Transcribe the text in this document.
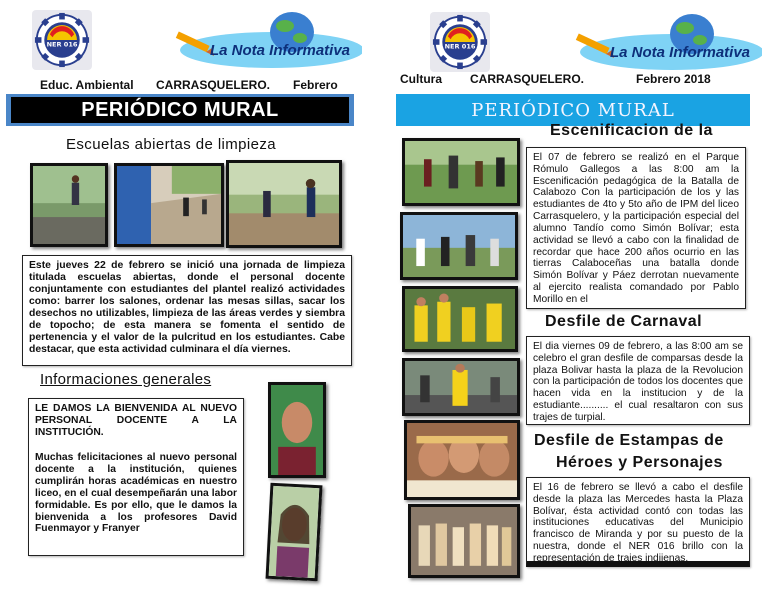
NER 016	La Nota Informativa
Educ. Ambiental CARRASQUELERO. Febrero
PERIÓDICO MURAL
Escuelas abiertas de limpieza
Este jueves 22 de febrero se inició una jornada de limpieza titulada escuelas abiertas, donde el personal docente conjuntamente con estudiantes del plantel realizó actividades como: barrer los salones, ordenar las mesas sillas, sacar los desechos no utilizables, limpieza de las áreas verdes y siembra de topocho; de esta manera se fomenta el sentido de pertenencia y el valor de la pulcritud en los estudiantes. Cabe destacar, que esta actividad culminara el día viernes.
Informaciones generales
LE DAMOS LA BIENVENIDA AL NUEVO PERSONAL DOCENTE A LA INSTITUCIÓN.
Muchas felicitaciones al nuevo personal docente a la institución, quienes cumplirán horas académicas en nuestro liceo, en el cual desempeñarán una labor formidable. Es por ello, que le damos la bienvenida a los profesores David Fuenmayor y Franyer
NER 016	La Nota Informativa
Cultura CARRASQUELERO.	Febrero 2018
PERIÓDICO MURAL
Escenificacion de la
El 07 de febrero se realizó en el Parque Rómulo Gallegos a las 8:00 am la Escenificación pedagógica de la Batalla de Calabozo Con la participación de los y las estudiantes de 4to y 5to año de IPM del liceo Carrasquelero, y la participación especial del alumno Tandío como Simón Bolívar; esta actividad se llevó a cabo con la finalidad de recordar que hace 200 años ocurrio en las tierras Calaboceñas una batalla donde Simón Bolívar y Páez derrotan nuevamente al ejercito realista comandado por Pablo Morillo en el
Desfile de Carnaval
El dia viernes 09 de febrero, a las 8:00 am se celebro el gran desfile de comparsas desde la plaza Bolivar hasta la plaza de la Revolucion con la participación de todos los docentes que hacen vida en la institucion y de la estudiante.......... el cual resaltaron con sus trajes de turpial.
Desfile de Estampas de
Héroes y Personajes
El 16 de febrero se llevó a cabo el desfile desde la plaza las Mercedes hasta la Plaza Bolívar, ésta actividad contó con todas las instituciones educativas del Municipio francisco de Miranda y por su puesto de la nuestra, donde el NER 016 brillo con la representación de trajes indijenas.
